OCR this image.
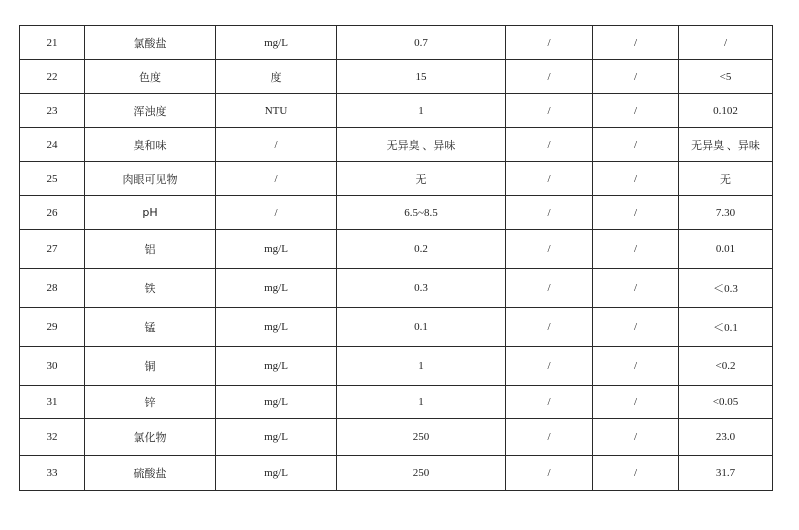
21	氯酸盐	mg/L	0.7	/	/	/
22	色度	度	15	/	/	<5
23	浑浊度	NTU	1	/	/	0.102
24	臭和味	/	无异臭 、异味	/	/	无异臭 、异味
25	肉眼可见物	/	无	/	/	无
26	pH	/	6.5~8.5	/	/	7.30
27	铝	mg/L	0.2	/	/	0.01
28	铁	mg/L	0.3	/	/	＜0.3
29	锰	mg/L	0.1	/	/	＜0.1
30	铜	mg/L	1	/	/	<0.2
31	锌	mg/L	1	/	/	<0.05
32	氯化物	mg/L	250	/	/	23.0
33	硫酸盐	mg/L	250	/	/	31.7
